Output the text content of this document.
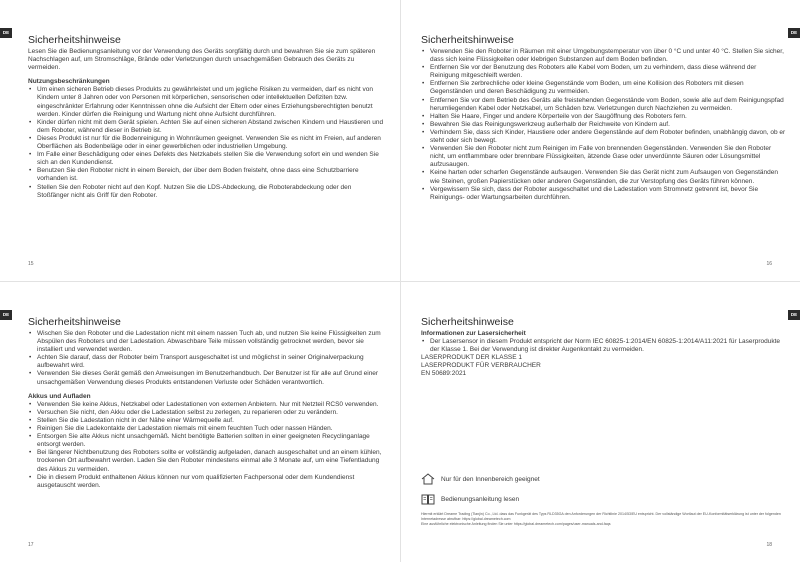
DE
Sicherheitshinweise

Lesen Sie die Bedienungsanleitung vor der Verwendung des Geräts sorgfältig durch und bewahren Sie sie zum späteren Nachschlagen auf, um Stromschläge, Brände oder Verletzungen durch unsachgemäßen Gebrauch des Geräts zu vermeiden.

Nutzungsbeschränkungen

• Um einen sicheren Betrieb dieses Produkts zu gewährleistet und um jegliche Risiken zu vermeiden, darf es nicht von Kindern unter 8 Jahren oder von Personen mit körperlichen, sensorischen oder intellektuellen Defiziten bzw. eingeschränkter Erfahrung oder Kenntnissen ohne die Aufsicht der Eltern oder eines Erziehungsberechtigten benutzt werden. Kinder dürfen die Reinigung und Wartung nicht ohne Aufsicht durchführen.
• Kinder dürfen nicht mit dem Gerät spielen. Achten Sie auf einen sicheren Abstand zwischen Kindern und Haustieren und dem Roboter, während dieser in Betrieb ist.
• Dieses Produkt ist nur für die Bodenreinigung in Wohnräumen geeignet. Verwenden Sie es nicht im Freien, auf anderen Oberflächen als Bodenbeläge oder in einer gewerblichen oder industriellen Umgebung.
• Im Falle einer Beschädigung oder eines Defekts des Netzkabels stellen Sie die Verwendung sofort ein und wenden Sie sich an den Kundendienst.
• Benutzen Sie den Roboter nicht in einem Bereich, der über dem Boden freisteht, ohne dass eine Schutzbarriere vorhanden ist.
• Stellen Sie den Roboter nicht auf den Kopf. Nutzen Sie die LDS-Abdeckung, die Roboterabdeckung oder den Stoßfänger nicht als Griff für den Roboter.
15
DE
Sicherheitshinweise
• Verwenden Sie den Roboter in Räumen mit einer Umgebungstemperatur von über 0 °C und unter 40 °C. Stellen Sie sicher, dass sich keine Flüssigkeiten oder klebrigen Substanzen auf dem Boden befinden.
• Entfernen Sie vor der Benutzung des Roboters alle Kabel vom Boden, um zu verhindern, dass diese während der Reinigung mitgeschleift werden.
• Entfernen Sie zerbrechliche oder kleine Gegenstände vom Boden, um eine Kollision des Roboters mit diesen Gegenständen und deren Beschädigung zu vermeiden.
• Entfernen Sie vor dem Betrieb des Geräts alle freistehenden Gegenstände vom Boden, sowie alle auf dem Reinigungspfad herumliegenden Kabel oder Netzkabel, um Schäden bzw. Verletzungen durch Nachziehen zu vermeiden.
• Halten Sie Haare, Finger und andere Körperteile von der Saugöffnung des Roboters fern.
• Bewahren Sie das Reinigungswerkzeug außerhalb der Reichweite von Kindern auf.
• Verhindern Sie, dass sich Kinder, Haustiere oder andere Gegenstände auf dem Roboter befinden, unabhängig davon, ob er steht oder sich bewegt.
• Verwenden Sie den Roboter nicht zum Reinigen im Falle von brennenden Gegenständen. Verwenden Sie den Roboter nicht, um entflammbare oder brennbare Flüssigkeiten, ätzende Gase oder unverdünnte Säuren oder Lösungsmittel aufzusaugen.
• Keine harten oder scharfen Gegenstände aufsaugen. Verwenden Sie das Gerät nicht zum Aufsaugen von Gegenständen wie Steinen, großen Papierstücken oder anderen Gegenständen, die zur Verstopfung des Geräts führen können.
• Vergewissern Sie sich, dass der Roboter ausgeschaltet und die Ladestation vom Stromnetz getrennt ist, bevor Sie Reinigungs- oder Wartungsarbeiten durchführen.
16
DE
Sicherheitshinweise
• Wischen Sie den Roboter und die Ladestation nicht mit einem nassen Tuch ab, und nutzen Sie keine Flüssigkeiten zum Abspülen des Roboters und der Ladestation. Abwaschbare Teile müssen vollständig getrocknet werden, bevor sie installiert und verwendet werden.
• Achten Sie darauf, dass der Roboter beim Transport ausgeschaltet ist und möglichst in seiner Originalverpackung aufbewahrt wird.
• Verwenden Sie dieses Gerät gemäß den Anweisungen im Benutzerhandbuch. Der Benutzer ist für alle auf Grund einer unsachgemäßen Verwendung dieses Produkts entstandenen Verluste oder Schäden verantwortlich.

Akkus und Aufladen

• Verwenden Sie keine Akkus, Netzkabel oder Ladestationen von externen Anbietern. Nur mit Netzteil RCS0 verwenden.
• Versuchen Sie nicht, den Akku oder die Ladestation selbst zu zerlegen, zu reparieren oder zu verändern.
• Stellen Sie die Ladestation nicht in der Nähe einer Wärmequelle auf.
• Reinigen Sie die Ladekontakte der Ladestation niemals mit einem feuchten Tuch oder nassen Händen.
• Entsorgen Sie alte Akkus nicht unsachgemäß. Nicht benötigte Batterien sollten in einer geeigneten Recyclinganlage entsorgt werden.
• Bei längerer Nichtbenutzung des Roboters sollte er vollständig aufgeladen, danach ausgeschaltet und an einem kühlen, trockenen Ort aufbewahrt werden. Laden Sie den Roboter mindestens einmal alle 3 Monate auf, um eine Tiefentladung des Akkus zu vermeiden.
• Die in diesem Produkt enthaltenen Akkus können nur vom qualifizierten Fachpersonal oder dem Kundendienst ausgetauscht werden.
17
DE
Sicherheitshinweise

Informationen zur Lasersicherheit

• Der Lasersensor in diesem Produkt entspricht der Norm IEC 60825-1:2014/EN 60825-1:2014/A11:2021 für Laserprodukte der Klasse 1. Bei der Verwendung ist direkter Augenkontakt zu vermeiden.

LASERPRODUKT DER KLASSE 1

LASERPRODUKT FÜR VERBRAUCHER

EN 50689:2021

Nur für den Innenbereich geeignet
Bedienungsanleitung lesen

Hiermit erklärt Dreame Trading (Tianjin) Co., Ltd. dass das Funkgerät des Typs RLD35GA den Anforderungen der Richtlinie 2014/53/EU entspricht. Der vollständige Wortlaut der EU-Konformitätserklärung ist unter der folgenden Internetadresse abrufbar: https://global.dreametech.com

Eine ausführliche elektronische Anleitung finden Sie unter https://global.dreametech.com/pages/user-manuals-and-faqs

18
